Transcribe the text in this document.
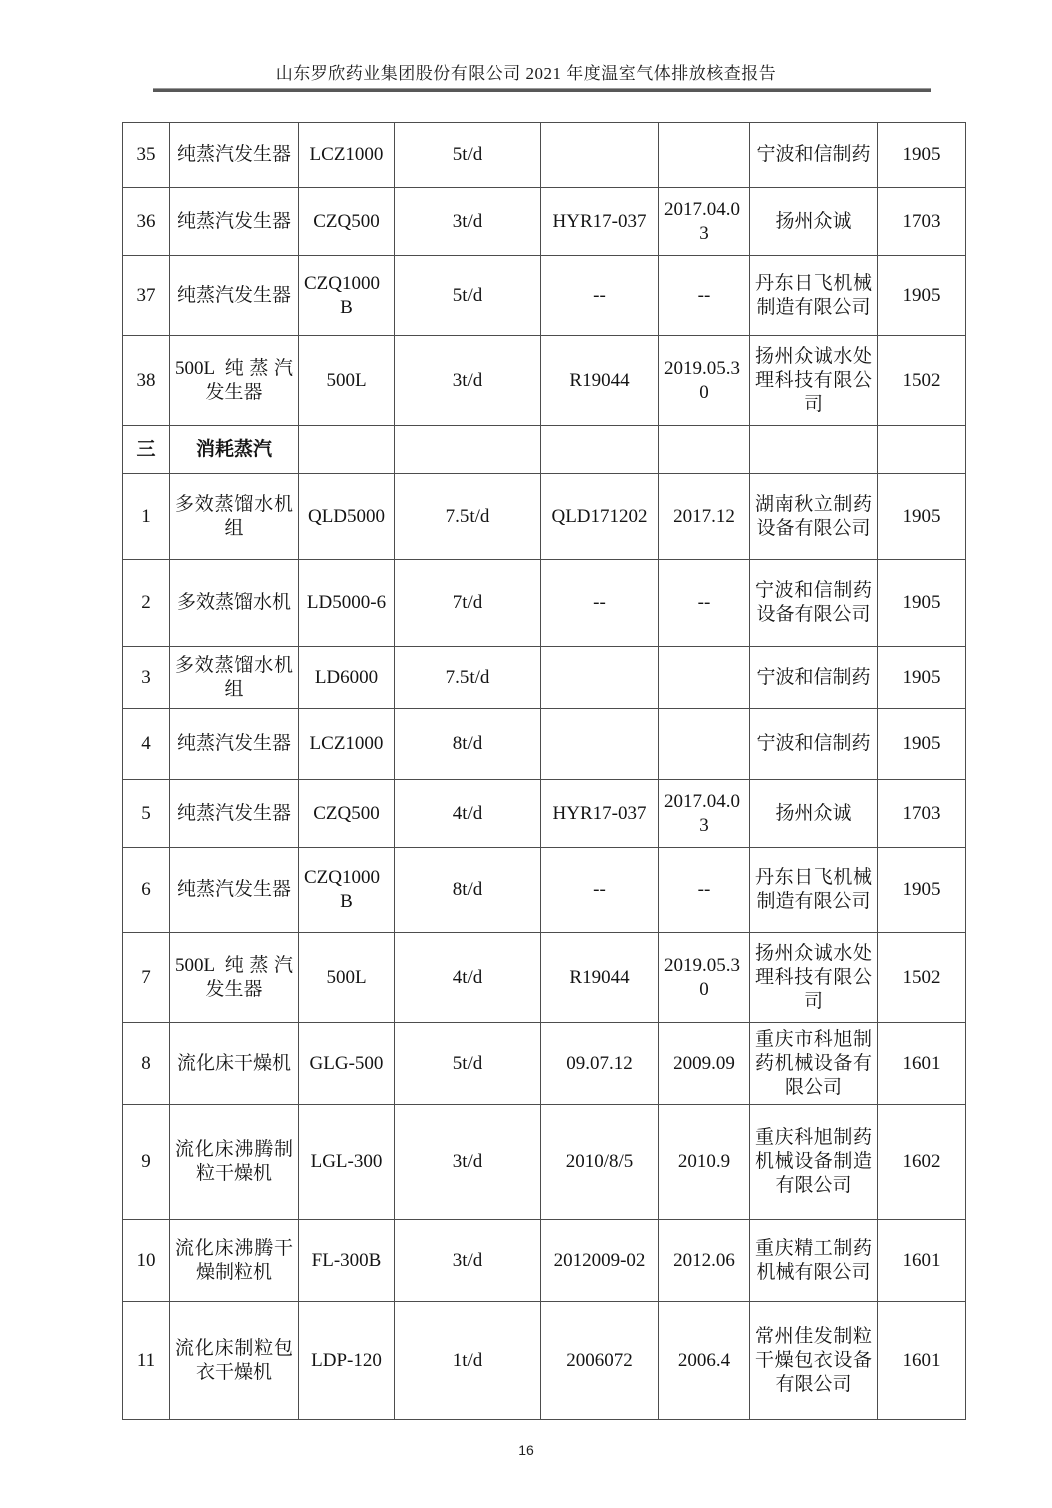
山东罗欣药业集团股份有限公司 2021 年度温室气体排放核查报告
35	纯蒸汽发生器	LCZ1000	5t/d			宁波和信制药	1905
36	纯蒸汽发生器	CZQ500	3t/d	HYR17-037	2017.04.03	扬州众诚	1703
37	纯蒸汽发生器	CZQ1000B	5t/d	--	--	丹东日飞机械制造有限公司	1905
38	500L 纯蒸汽发生器	500L	3t/d	R19044	2019.05.30	扬州众诚水处理科技有限公司	1502
三	消耗蒸汽						
1	多效蒸馏水机组	QLD5000	7.5t/d	QLD171202	2017.12	湖南秋立制药设备有限公司	1905
2	多效蒸馏水机	LD5000-6	7t/d	--	--	宁波和信制药设备有限公司	1905
3	多效蒸馏水机组	LD6000	7.5t/d			宁波和信制药	1905
4	纯蒸汽发生器	LCZ1000	8t/d			宁波和信制药	1905
5	纯蒸汽发生器	CZQ500	4t/d	HYR17-037	2017.04.03	扬州众诚	1703
6	纯蒸汽发生器	CZQ1000B	8t/d	--	--	丹东日飞机械制造有限公司	1905
7	500L 纯蒸汽发生器	500L	4t/d	R19044	2019.05.30	扬州众诚水处理科技有限公司	1502
8	流化床干燥机	GLG-500	5t/d	09.07.12	2009.09	重庆市科旭制药机械设备有限公司	1601
9	流化床沸腾制粒干燥机	LGL-300	3t/d	2010/8/5	2010.9	重庆科旭制药机械设备制造有限公司	1602
10	流化床沸腾干燥制粒机	FL-300B	3t/d	2012009-02	2012.06	重庆精工制药机械有限公司	1601
11	流化床制粒包衣干燥机	LDP-120	1t/d	2006072	2006.4	常州佳发制粒干燥包衣设备有限公司	1601
16
